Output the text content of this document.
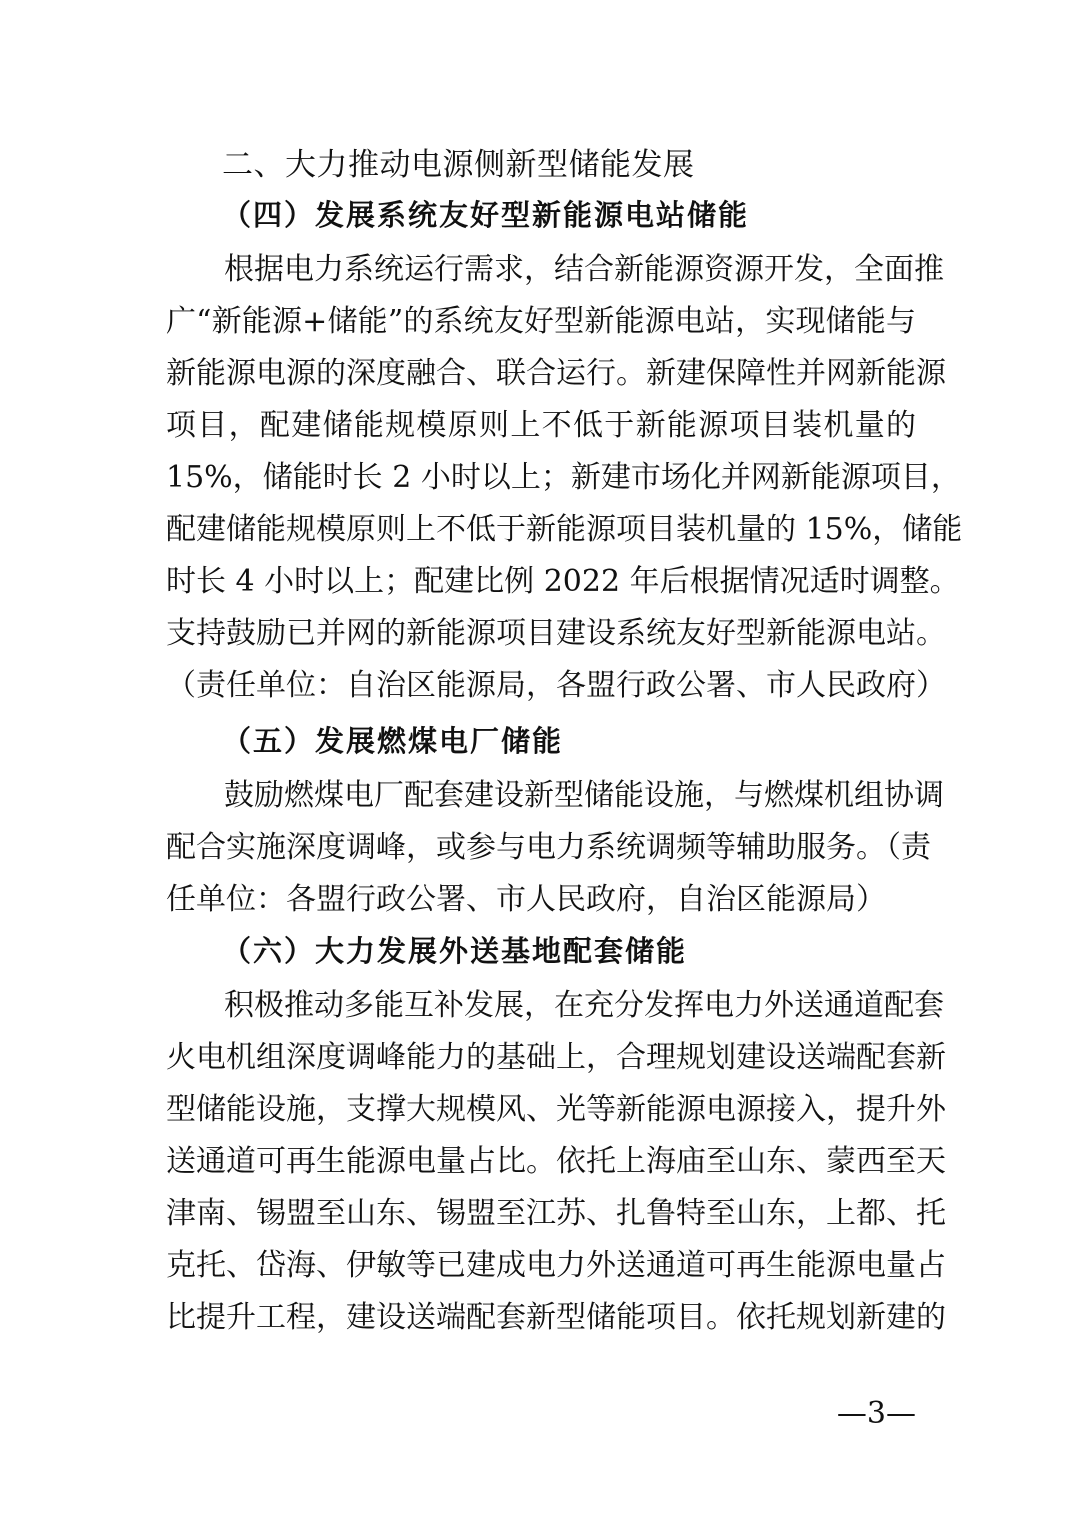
二、大力推动电源侧新型储能发展
（四）发展系统友好型新能源电站储能
根据电力系统运行需求，结合新能源资源开发，全面推
广“新能源+储能”的系统友好型新能源电站，实现储能与
新能源电源的深度融合、联合运行。新建保障性并网新能源
项目，配建储能规模原则上不低于新能源项目装机量的
15%，储能时长 2 小时以上；新建市场化并网新能源项目，
配建储能规模原则上不低于新能源项目装机量的 15%，储能
时长 4 小时以上；配建比例 2022 年后根据情况适时调整。
支持鼓励已并网的新能源项目建设系统友好型新能源电站。
（责任单位：自治区能源局，各盟行政公署、市人民政府）
（五）发展燃煤电厂储能
鼓励燃煤电厂配套建设新型储能设施，与燃煤机组协调
配合实施深度调峰，或参与电力系统调频等辅助服务。（责
任单位：各盟行政公署、市人民政府，自治区能源局）
（六）大力发展外送基地配套储能
积极推动多能互补发展，在充分发挥电力外送通道配套
火电机组深度调峰能力的基础上，合理规划建设送端配套新
型储能设施，支撑大规模风、光等新能源电源接入，提升外
送通道可再生能源电量占比。依托上海庙至山东、蒙西至天
津南、锡盟至山东、锡盟至江苏、扎鲁特至山东，上都、托
克托、岱海、伊敏等已建成电力外送通道可再生能源电量占
比提升工程，建设送端配套新型储能项目。依托规划新建的
—3—
